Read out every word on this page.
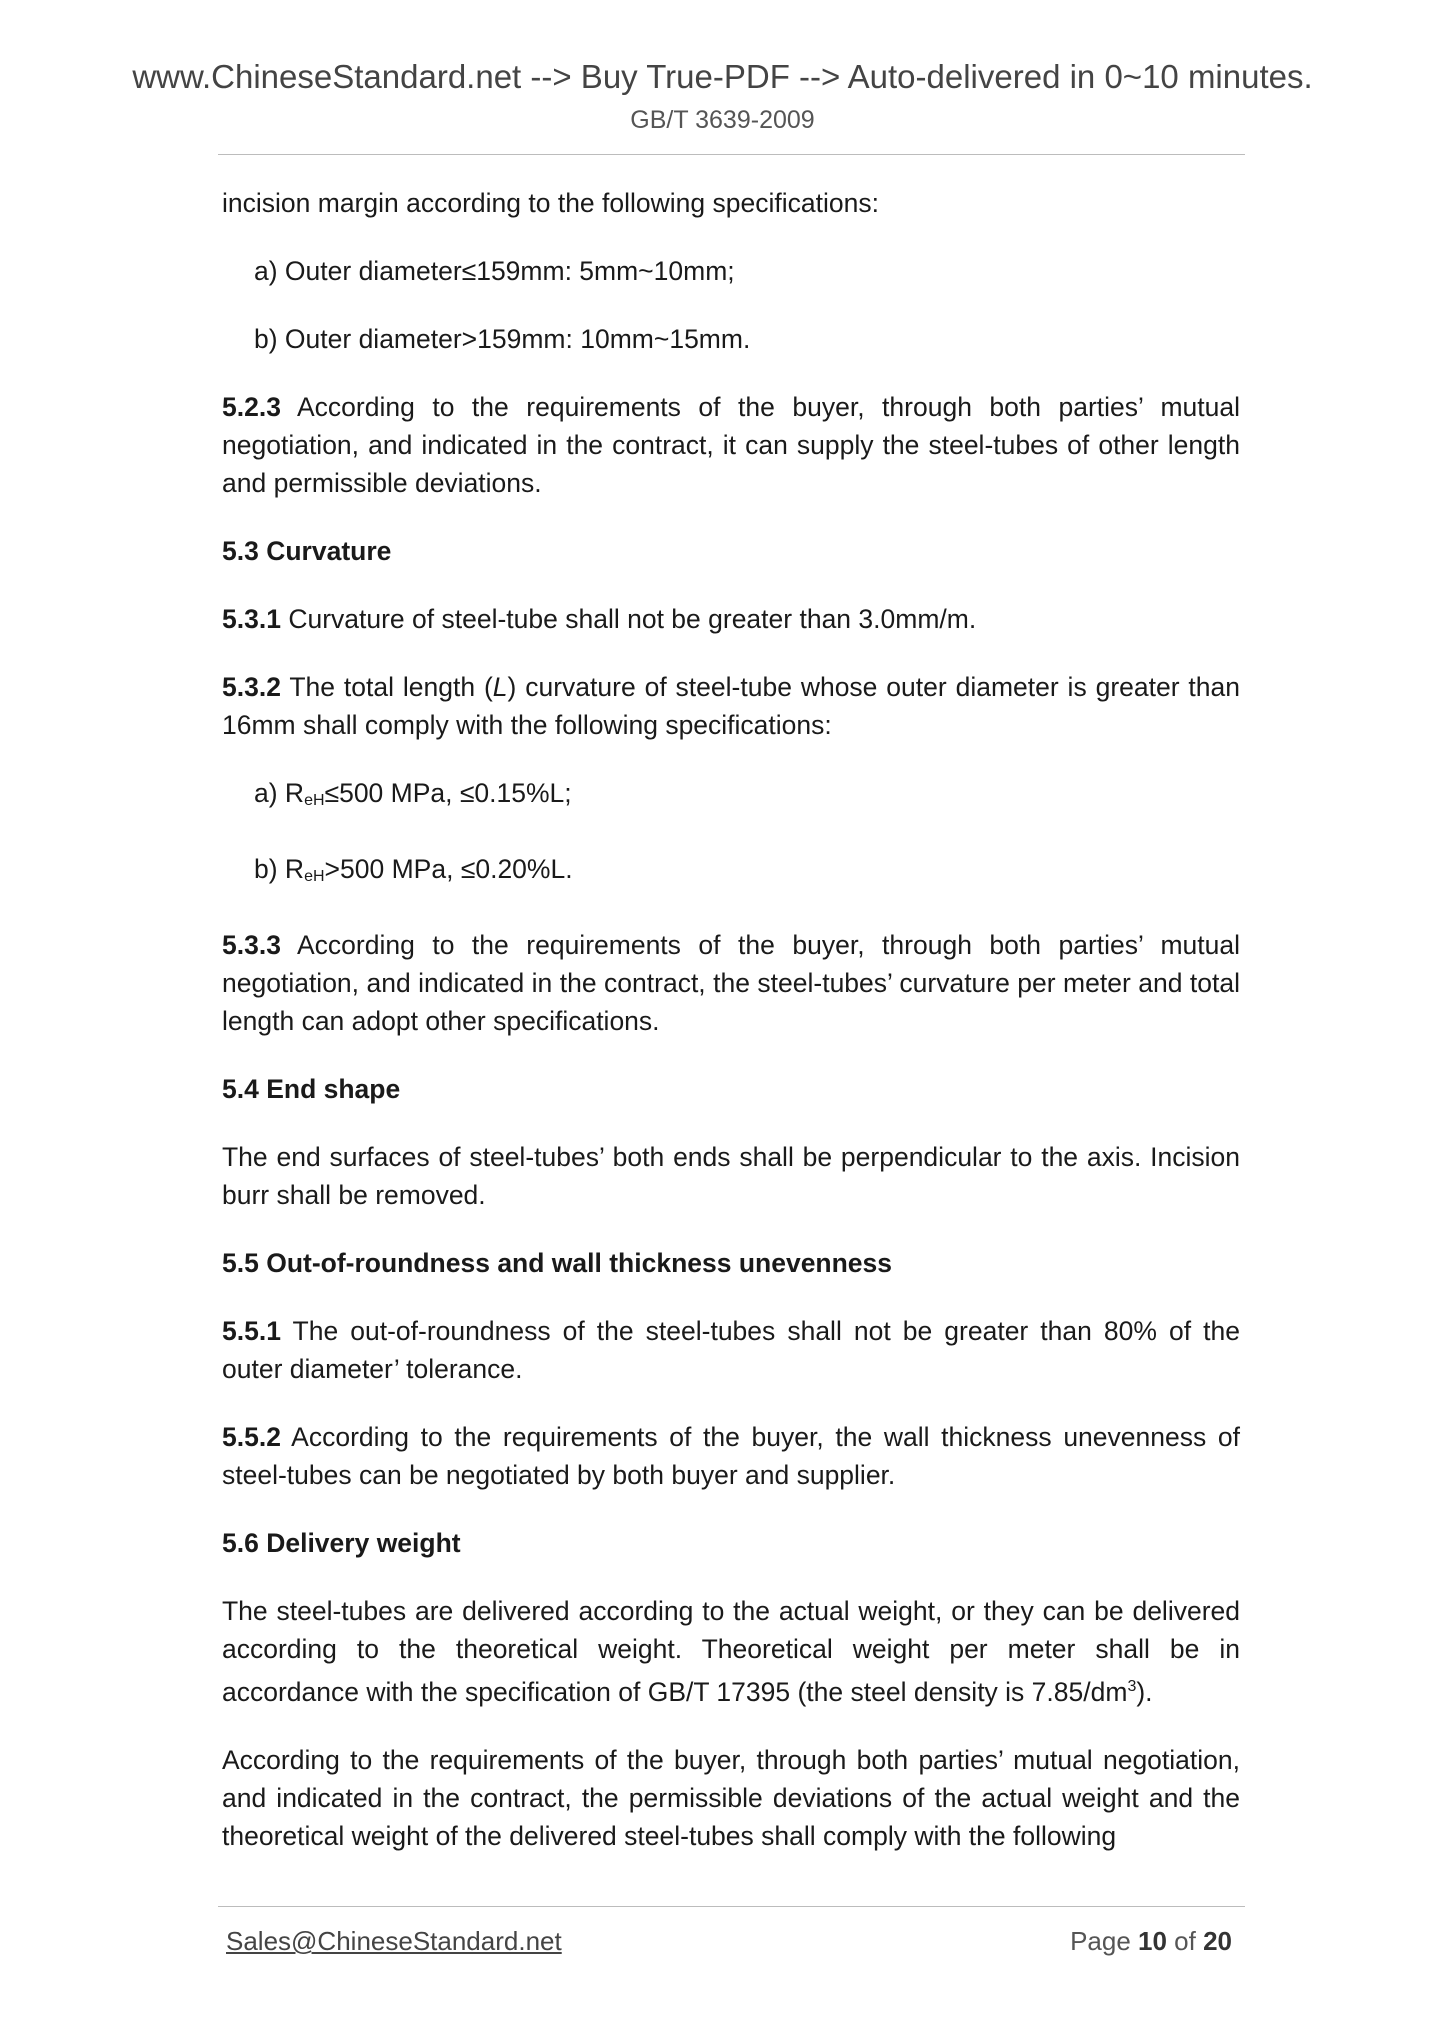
www.ChineseStandard.net --> Buy True-PDF --> Auto-delivered in 0~10 minutes.
GB/T 3639-2009

incision margin according to the following specifications:

a) Outer diameter≤159mm: 5mm~10mm;

b) Outer diameter>159mm: 10mm~15mm.

5.2.3 According to the requirements of the buyer, through both parties’ mutual negotiation, and indicated in the contract, it can supply the steel-tubes of other length and permissible deviations.

5.3 Curvature

5.3.1 Curvature of steel-tube shall not be greater than 3.0mm/m.

5.3.2 The total length (L) curvature of steel-tube whose outer diameter is greater than 16mm shall comply with the following specifications:

a) ReH≤500 MPa, ≤0.15%L;

b) ReH>500 MPa, ≤0.20%L.

5.3.3 According to the requirements of the buyer, through both parties’ mutual negotiation, and indicated in the contract, the steel-tubes’ curvature per meter and total length can adopt other specifications.

5.4 End shape

The end surfaces of steel-tubes’ both ends shall be perpendicular to the axis. Incision burr shall be removed.

5.5 Out-of-roundness and wall thickness unevenness

5.5.1 The out-of-roundness of the steel-tubes shall not be greater than 80% of the outer diameter’ tolerance.

5.5.2 According to the requirements of the buyer, the wall thickness unevenness of steel-tubes can be negotiated by both buyer and supplier.

5.6 Delivery weight

The steel-tubes are delivered according to the actual weight, or they can be delivered according to the theoretical weight. Theoretical weight per meter shall be in accordance with the specification of GB/T 17395 (the steel density is $7.85/dm^3$).

According to the requirements of the buyer, through both parties’ mutual negotiation, and indicated in the contract, the permissible deviations of the actual weight and the theoretical weight of the delivered steel-tubes shall comply with the following

Sales@ChineseStandard.net	Page 10 of 20
